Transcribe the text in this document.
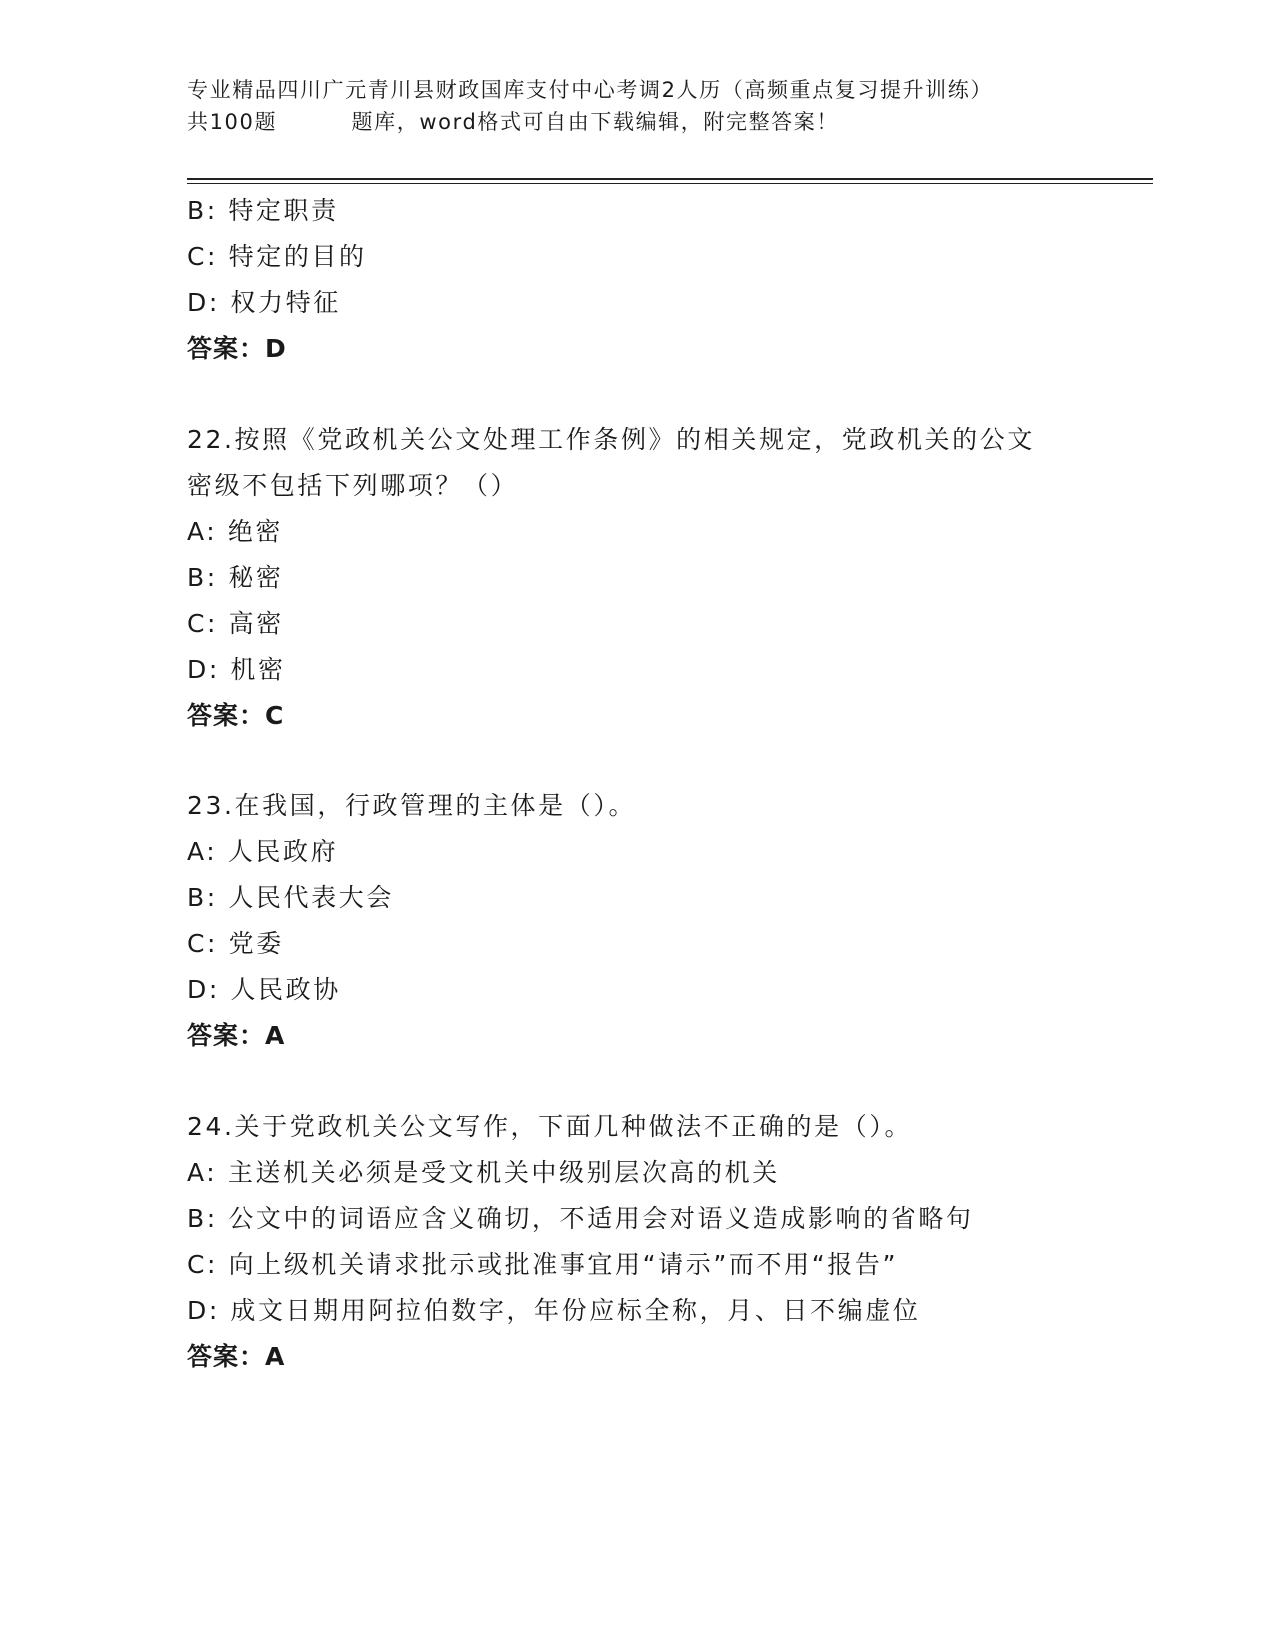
专业精品四川广元青川县财政国库支付中心考调2人历（高频重点复习提升训练）
共100题         题库，word格式可自由下载编辑，附完整答案！
B: 特定职责
C: 特定的目的
D: 权力特征
答案：D
22.按照《党政机关公文处理工作条例》的相关规定，党政机关的公文
密级不包括下列哪项？（）
A: 绝密
B: 秘密
C: 高密
D: 机密
答案：C
23.在我国，行政管理的主体是（）。
A: 人民政府
B: 人民代表大会
C: 党委
D: 人民政协
答案：A
24.关于党政机关公文写作，下面几种做法不正确的是（）。
A: 主送机关必须是受文机关中级别层次高的机关
B: 公文中的词语应含义确切，不适用会对语义造成影响的省略句
C: 向上级机关请求批示或批准事宜用“请示”而不用“报告”
D: 成文日期用阿拉伯数字，年份应标全称，月、日不编虚位
答案：A
